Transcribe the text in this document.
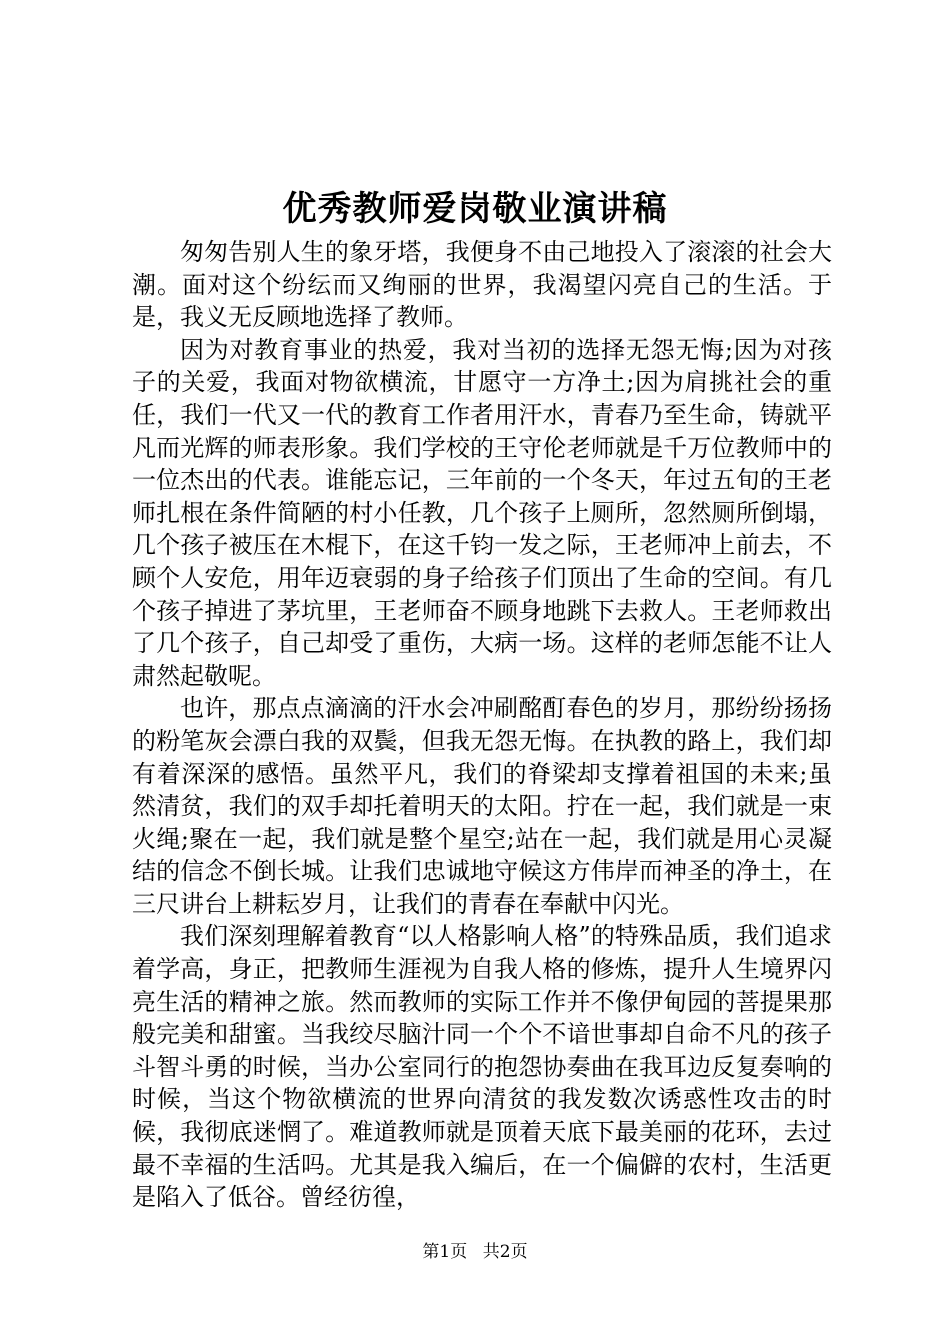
优秀教师爱岗敬业演讲稿

匆匆告别人生的象牙塔，我便身不由己地投入了滚滚的社会大潮。面对这个纷纭而又绚丽的世界，我渴望闪亮自己的生活。于是，我义无反顾地选择了教师。

因为对教育事业的热爱，我对当初的选择无怨无悔;因为对孩子的关爱，我面对物欲横流，甘愿守一方净土;因为肩挑社会的重任，我们一代又一代的教育工作者用汗水，青春乃至生命，铸就平凡而光辉的师表形象。我们学校的王守伦老师就是千万位教师中的一位杰出的代表。谁能忘记，三年前的一个冬天，年过五旬的王老师扎根在条件简陋的村小任教，几个孩子上厕所，忽然厕所倒塌，几个孩子被压在木棍下，在这千钧一发之际，王老师冲上前去，不顾个人安危，用年迈衰弱的身子给孩子们顶出了生命的空间。有几个孩子掉进了茅坑里，王老师奋不顾身地跳下去救人。王老师救出了几个孩子，自己却受了重伤，大病一场。这样的老师怎能不让人肃然起敬呢。

也许，那点点滴滴的汗水会冲刷酩酊春色的岁月，那纷纷扬扬的粉笔灰会漂白我的双鬓，但我无怨无悔。在执教的路上，我们却有着深深的感悟。虽然平凡，我们的脊梁却支撑着祖国的未来;虽然清贫，我们的双手却托着明天的太阳。拧在一起，我们就是一束火绳;聚在一起，我们就是整个星空;站在一起，我们就是用心灵凝结的信念不倒长城。让我们忠诚地守候这方伟岸而神圣的净土，在三尺讲台上耕耘岁月，让我们的青春在奉献中闪光。

我们深刻理解着教育“以人格影响人格”的特殊品质，我们追求着学高，身正，把教师生涯视为自我人格的修炼，提升人生境界闪亮生活的精神之旅。然而教师的实际工作并不像伊甸园的菩提果那般完美和甜蜜。当我绞尽脑汁同一个个不谙世事却自命不凡的孩子斗智斗勇的时候，当办公室同行的抱怨协奏曲在我耳边反复奏响的时候，当这个物欲横流的世界向清贫的我发数次诱惑性攻击的时候，我彻底迷惘了。难道教师就是顶着天底下最美丽的花环，去过最不幸福的生活吗。尤其是我入编后，在一个偏僻的农村，生活更是陷入了低谷。曾经彷徨，

第1页 共2页
